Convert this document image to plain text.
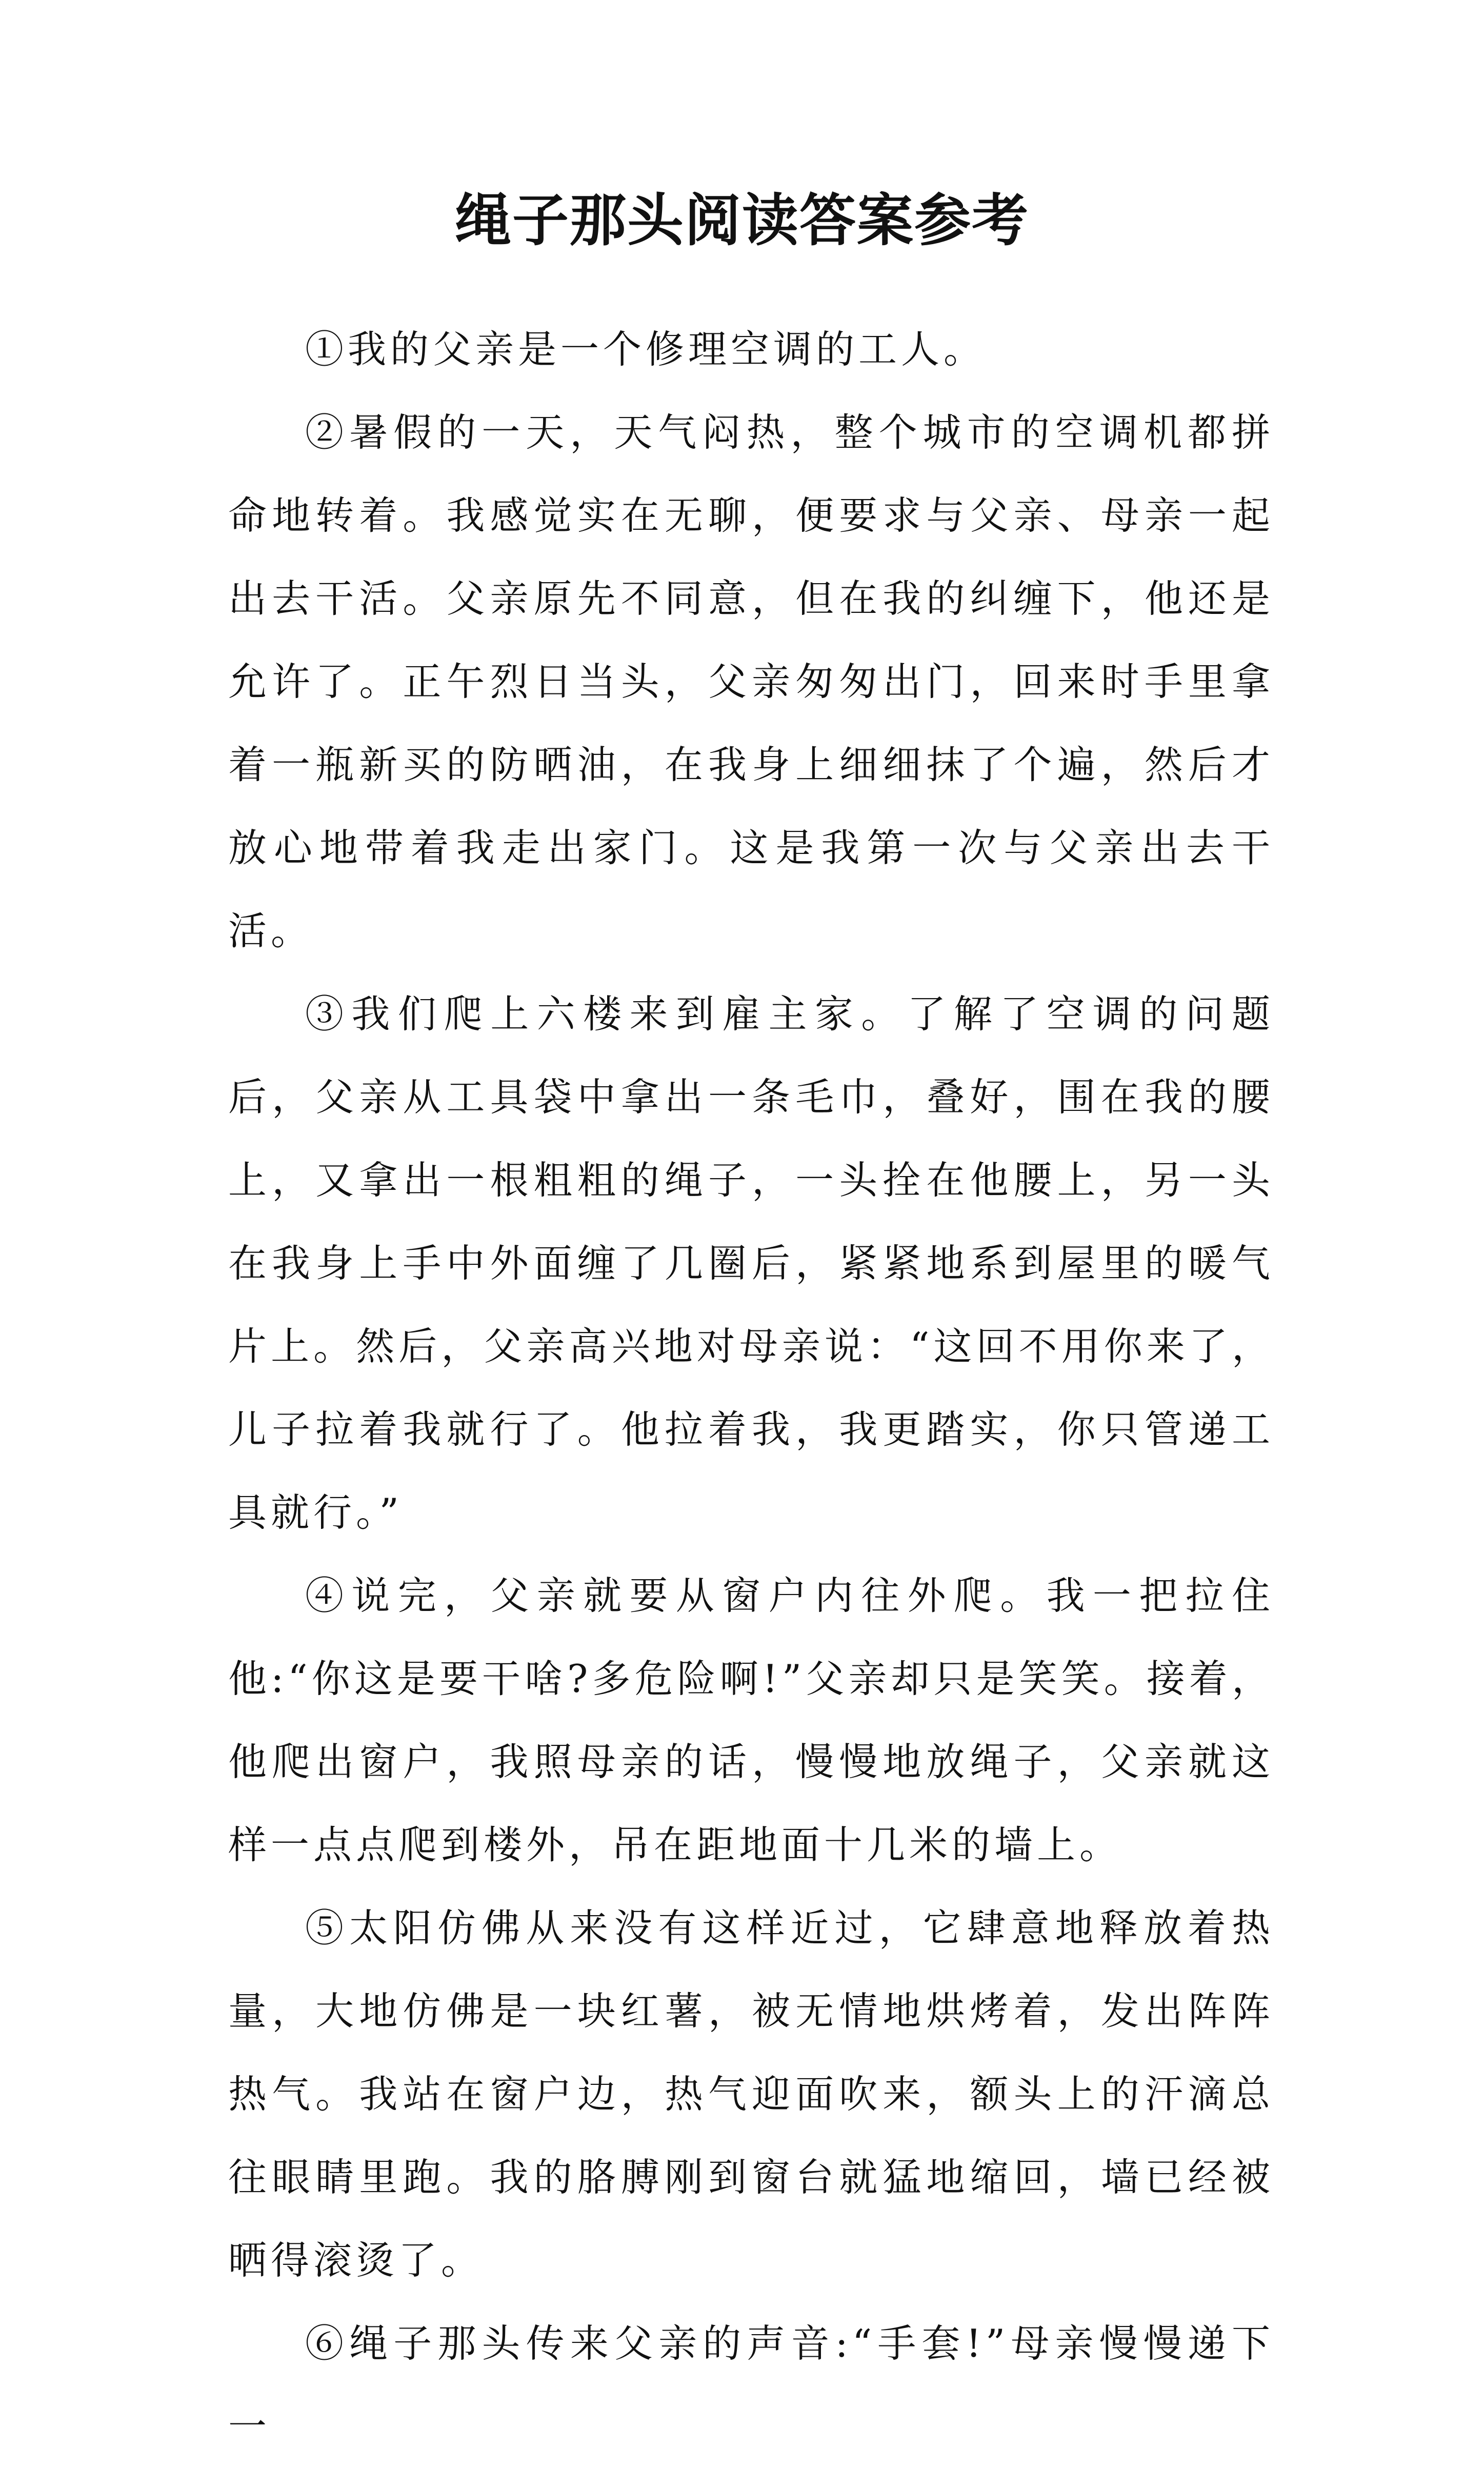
绳子那头阅读答案参考

①我的父亲是一个修理空调的工人。

②暑假的一天，天气闷热，整个城市的空调机都拼命地转着。我感觉实在无聊，便要求与父亲、母亲一起出去干活。父亲原先不同意，但在我的纠缠下，他还是允许了。正午烈日当头，父亲匆匆出门，回来时手里拿着一瓶新买的防晒油，在我身上细细抹了个遍，然后才放心地带着我走出家门。这是我第一次与父亲出去干活。

③我们爬上六楼来到雇主家。了解了空调的问题后，父亲从工具袋中拿出一条毛巾，叠好，围在我的腰上，又拿出一根粗粗的绳子，一头拴在他腰上，另一头在我身上手中外面缠了几圈后，紧紧地系到屋里的暖气片上。然后，父亲高兴地对母亲说：“这回不用你来了，儿子拉着我就行了。他拉着我，我更踏实，你只管递工具就行。”

④说完，父亲就要从窗户内往外爬。我一把拉住他:“你这是要干啥?多危险啊!”父亲却只是笑笑。接着，他爬出窗户，我照母亲的话，慢慢地放绳子，父亲就这样一点点爬到楼外，吊在距地面十几米的墙上。

⑤太阳仿佛从来没有这样近过，它肆意地释放着热量，大地仿佛是一块红薯，被无情地烘烤着，发出阵阵热气。我站在窗户边，热气迎面吹来，额头上的汗滴总往眼睛里跑。我的胳膊刚到窗台就猛地缩回，墙已经被晒得滚烫了。

⑥绳子那头传来父亲的声音:“手套!”母亲慢慢递下一
